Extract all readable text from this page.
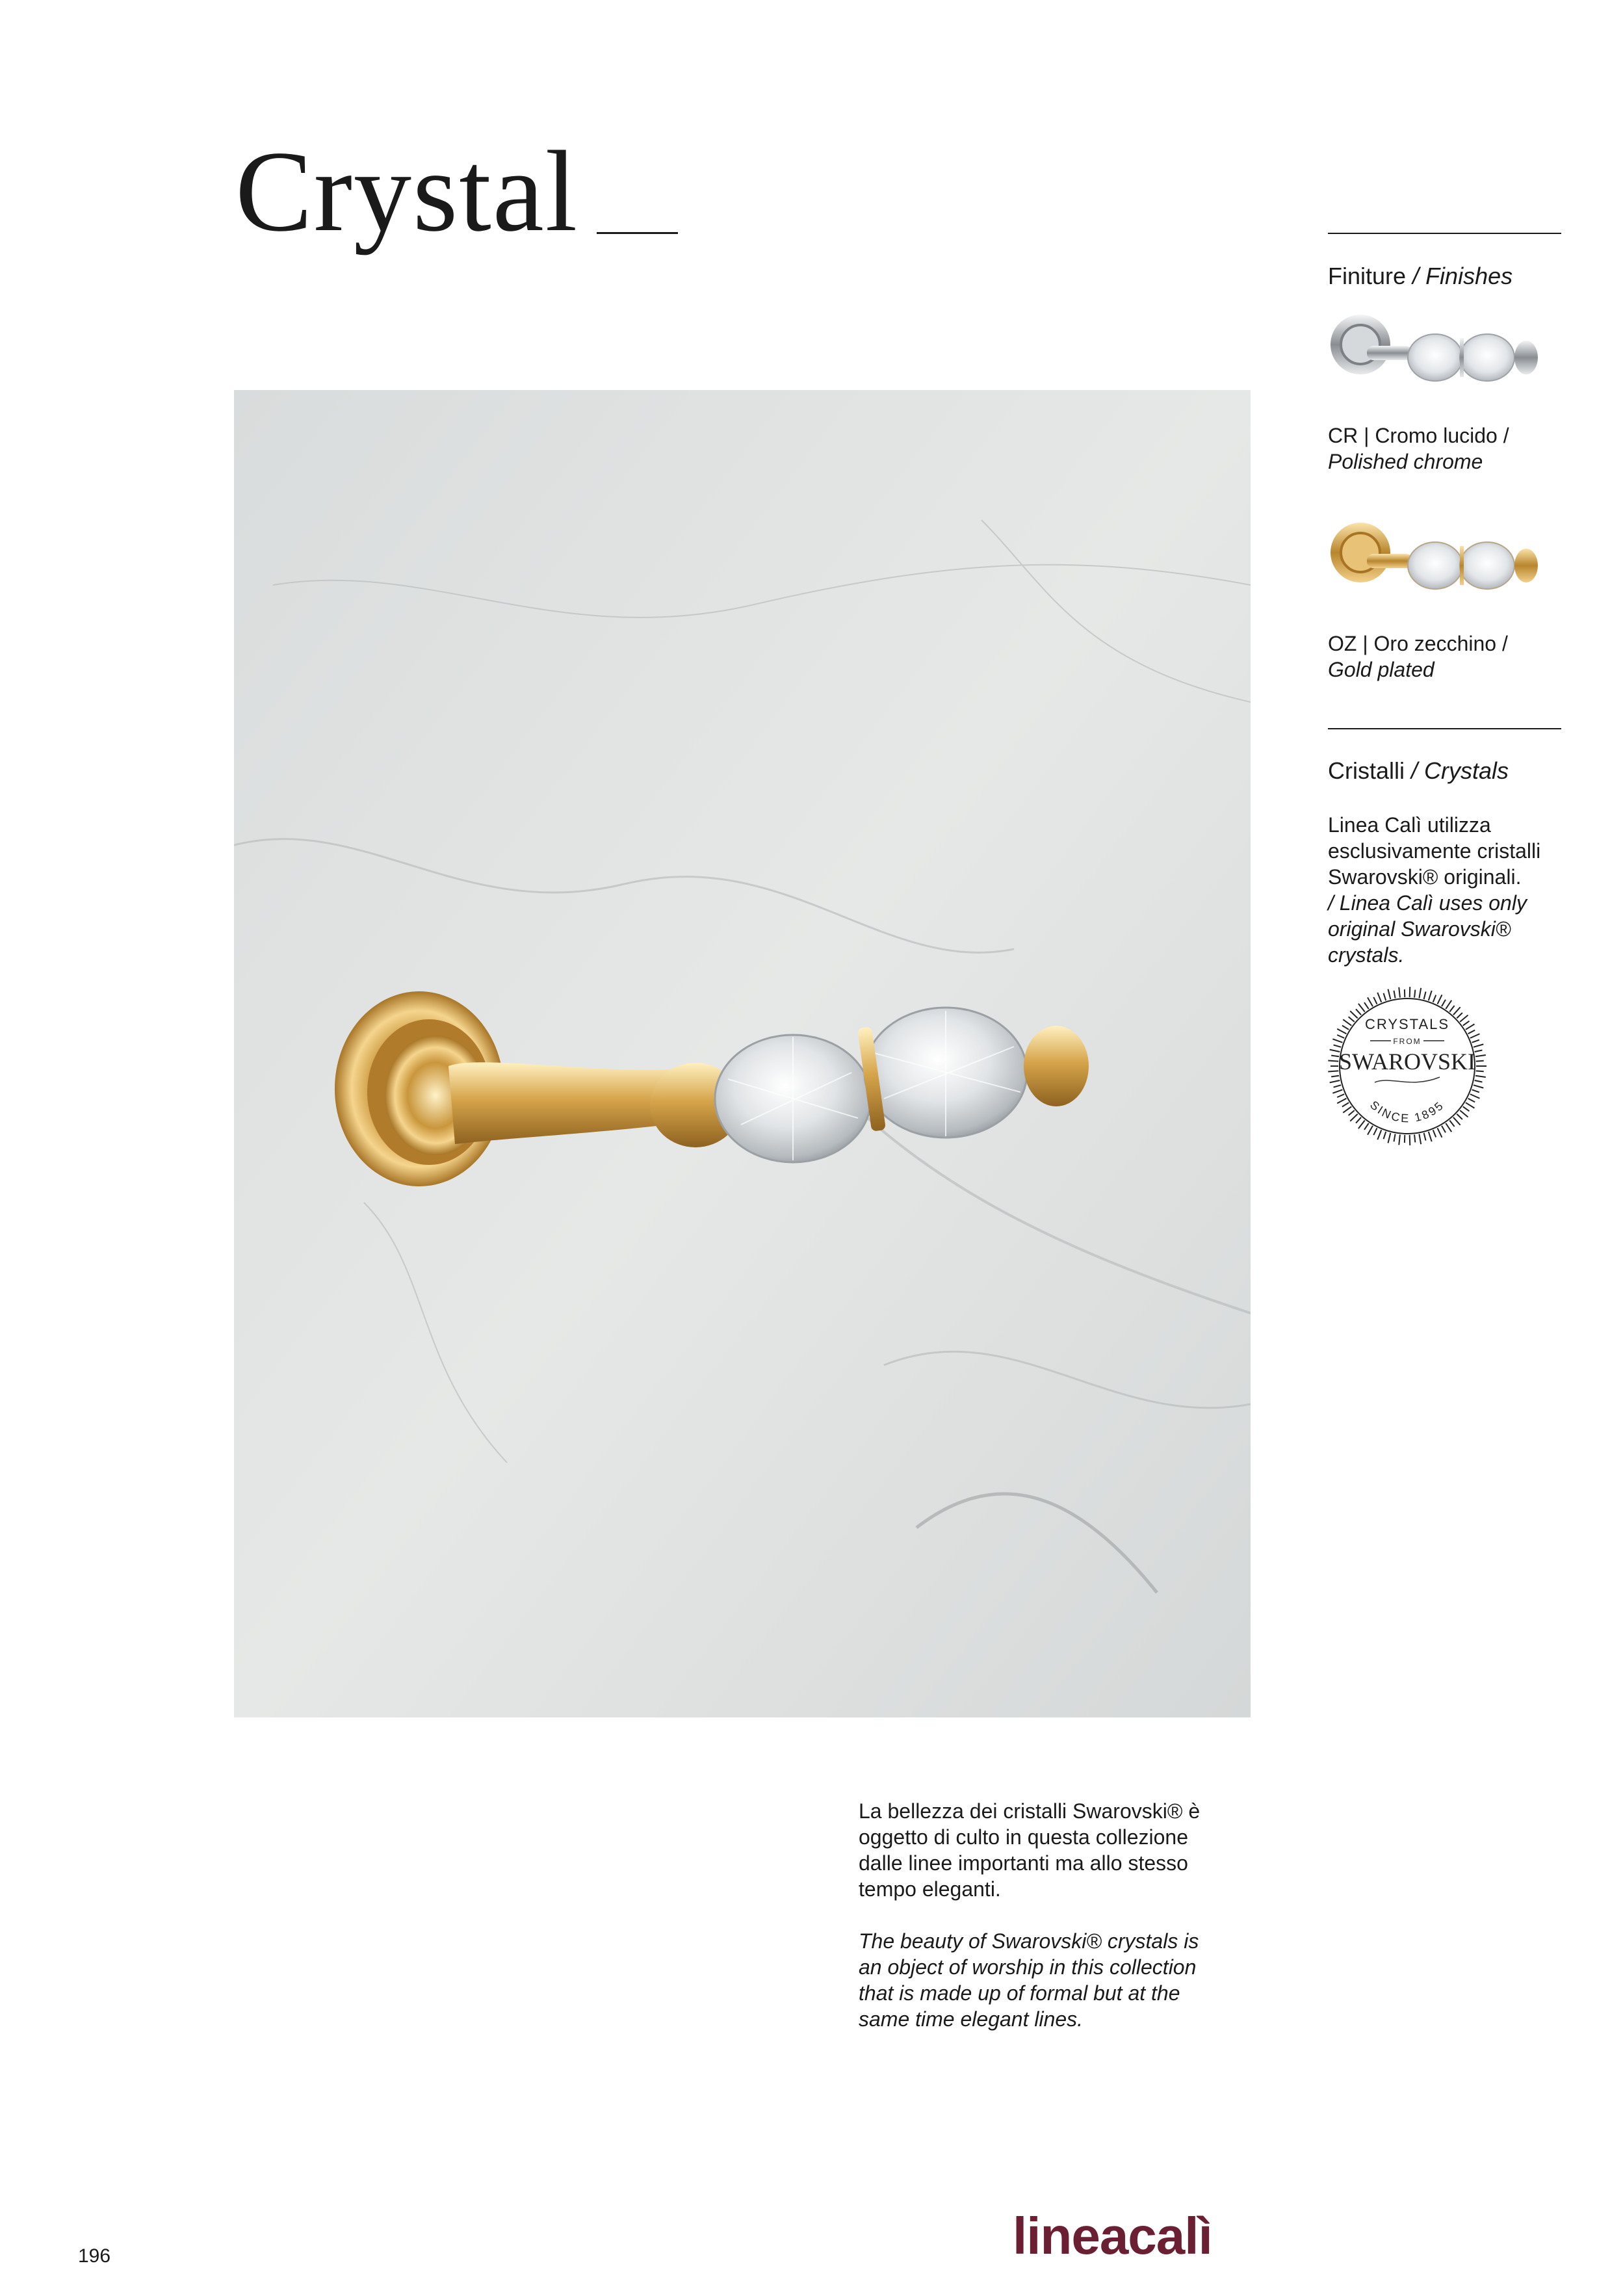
Crystal
Finiture / Finishes
CR | Cromo lucido /
Polished chrome
OZ | Oro zecchino /
Gold plated
Cristalli / Crystals
Linea Calì utilizza
esclusivamente cristalli
Swarovski® originali.
/ Linea Calì uses only
original Swarovski®
crystals.
CRYSTALS
FROM
SWAROVSKI
SINCE 1895
La bellezza dei cristalli Swarovski® è
oggetto di culto in questa collezione
dalle linee importanti ma allo stesso
tempo eleganti.
The beauty of Swarovski® crystals is
an object of worship in this collection
that is made up of formal but at the
same time elegant lines.
196	lineacalì
